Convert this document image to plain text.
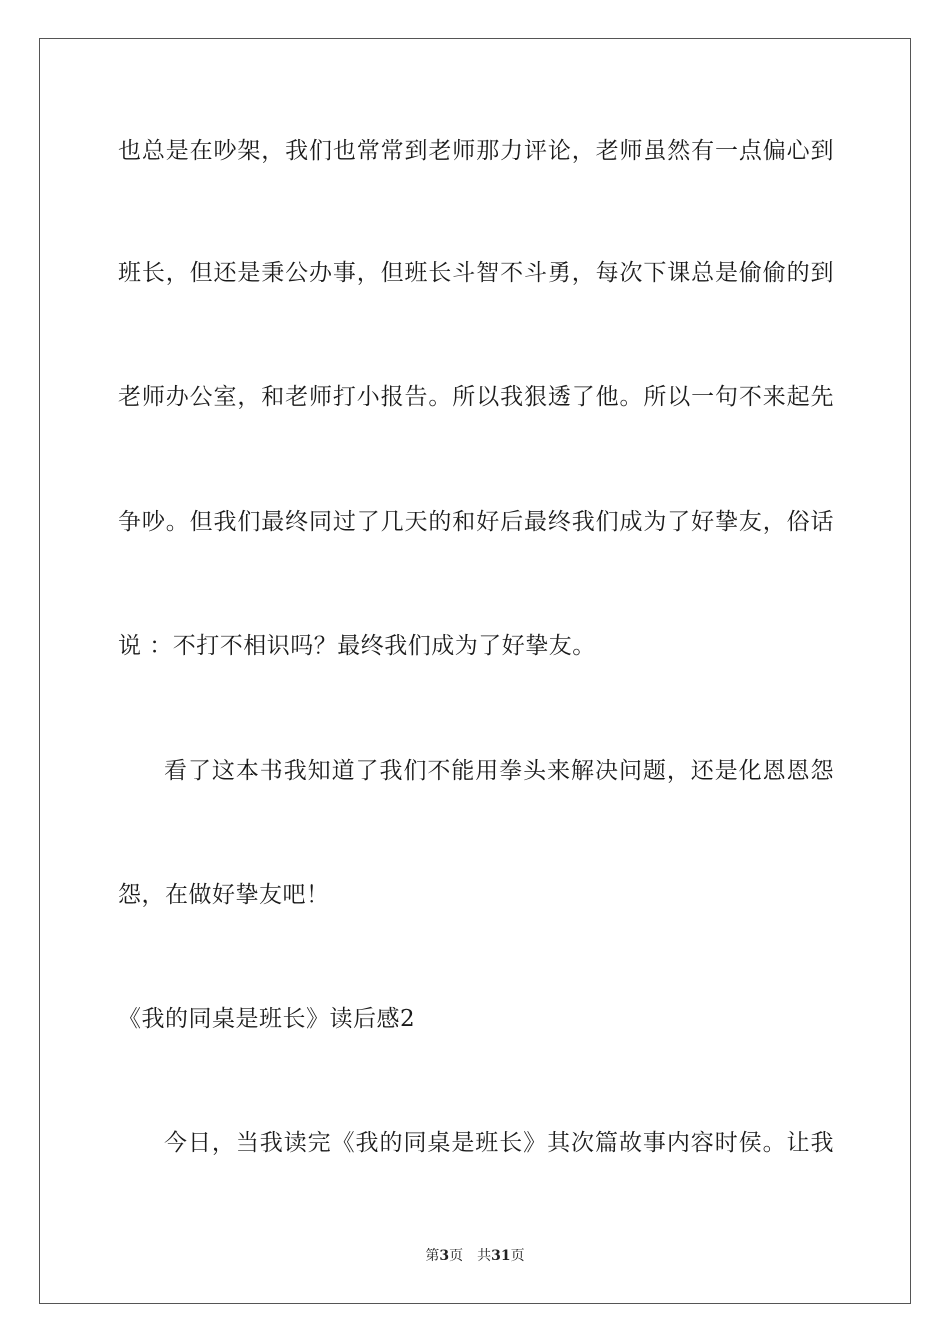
也总是在吵架，我们也常常到老师那力评论，老师虽然有一点偏心到
班长，但还是秉公办事，但班长斗智不斗勇，每次下课总是偷偷的到
老师办公室，和老师打小报告。所以我狠透了他。所以一句不来起先
争吵。但我们最终同过了几天的和好后最终我们成为了好挚友，俗话
说 ：不打不相识吗？最终我们成为了好挚友。
看了这本书我知道了我们不能用拳头来解决问题，还是化恩恩怨
怨，在做好挚友吧！
《我的同桌是班长》读后感2
今日，当我读完《我的同桌是班长》其次篇故事内容时侯。让我
第3页 共31页
